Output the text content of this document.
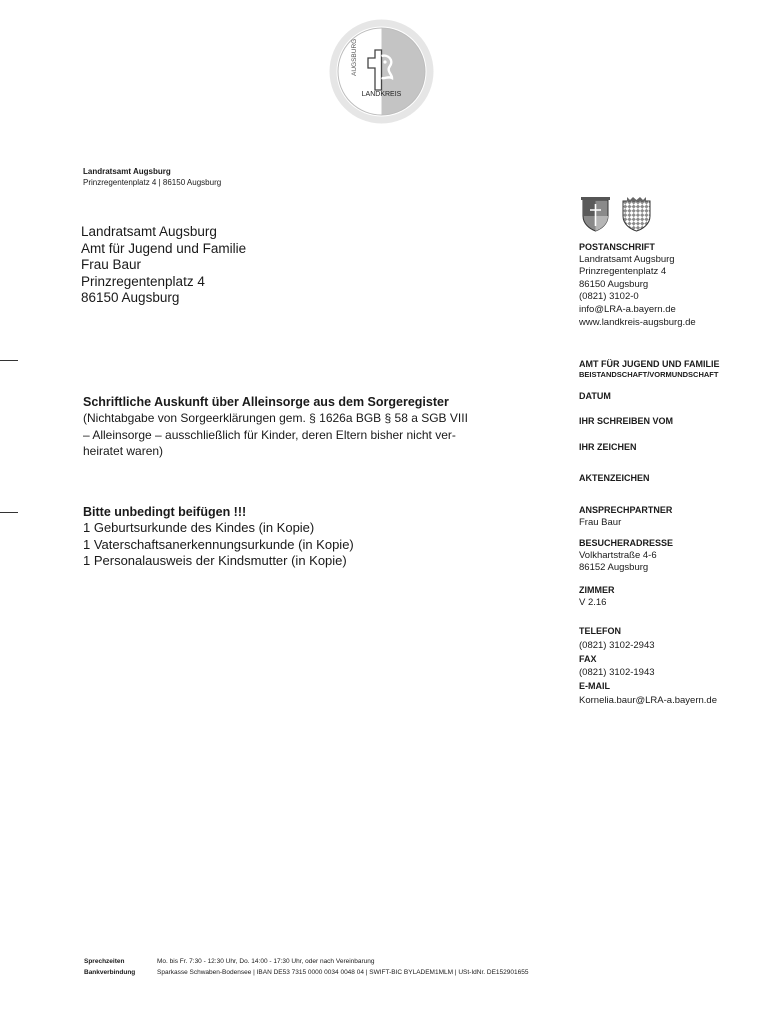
AUGSBURG
LANDKREIS
Landratsamt Augsburg
Prinzregentenplatz 4 | 86150 Augsburg
Landratsamt Augsburg
Amt für Jugend und Familie
Frau Baur
Prinzregentenplatz 4
86150 Augsburg
Schriftliche Auskunft über Alleinsorge aus dem Sorgeregister
(Nichtabgabe von Sorgeerklärungen gem. § 1626a BGB § 58 a SGB VIII
– Alleinsorge – ausschließlich für Kinder, deren Eltern bisher nicht ver-
heiratet waren)
Bitte unbedingt beifügen !!!
1 Geburtsurkunde des Kindes (in Kopie)
1 Vaterschaftsanerkennungsurkunde (in Kopie)
1 Personalausweis der Kindsmutter (in Kopie)
POSTANSCHRIFT
Landratsamt Augsburg
Prinzregentenplatz 4
86150 Augsburg
(0821) 3102-0
info@LRA-a.bayern.de
www.landkreis-augsburg.de
AMT FÜR JUGEND UND FAMILIE
BEISTANDSCHAFT/VORMUNDSCHAFT
DATUM
IHR SCHREIBEN VOM
IHR ZEICHEN
AKTENZEICHEN
ANSPRECHPARTNER
Frau Baur
BESUCHERADRESSE
Volkhartstraße 4-6
86152 Augsburg
ZIMMER
V 2.16
TELEFON
(0821) 3102-2943
FAX
(0821) 3102-1943
E-MAIL
Kornelia.baur@LRA-a.bayern.de
Sprechzeiten	Mo. bis Fr. 7:30 - 12:30 Uhr, Do. 14:00 - 17:30 Uhr, oder nach Vereinbarung
Bankverbindung	Sparkasse Schwaben-Bodensee | IBAN DE53 7315 0000 0034 0048 04 | SWIFT-BIC BYLADEM1MLM | USt-IdNr. DE152901655
